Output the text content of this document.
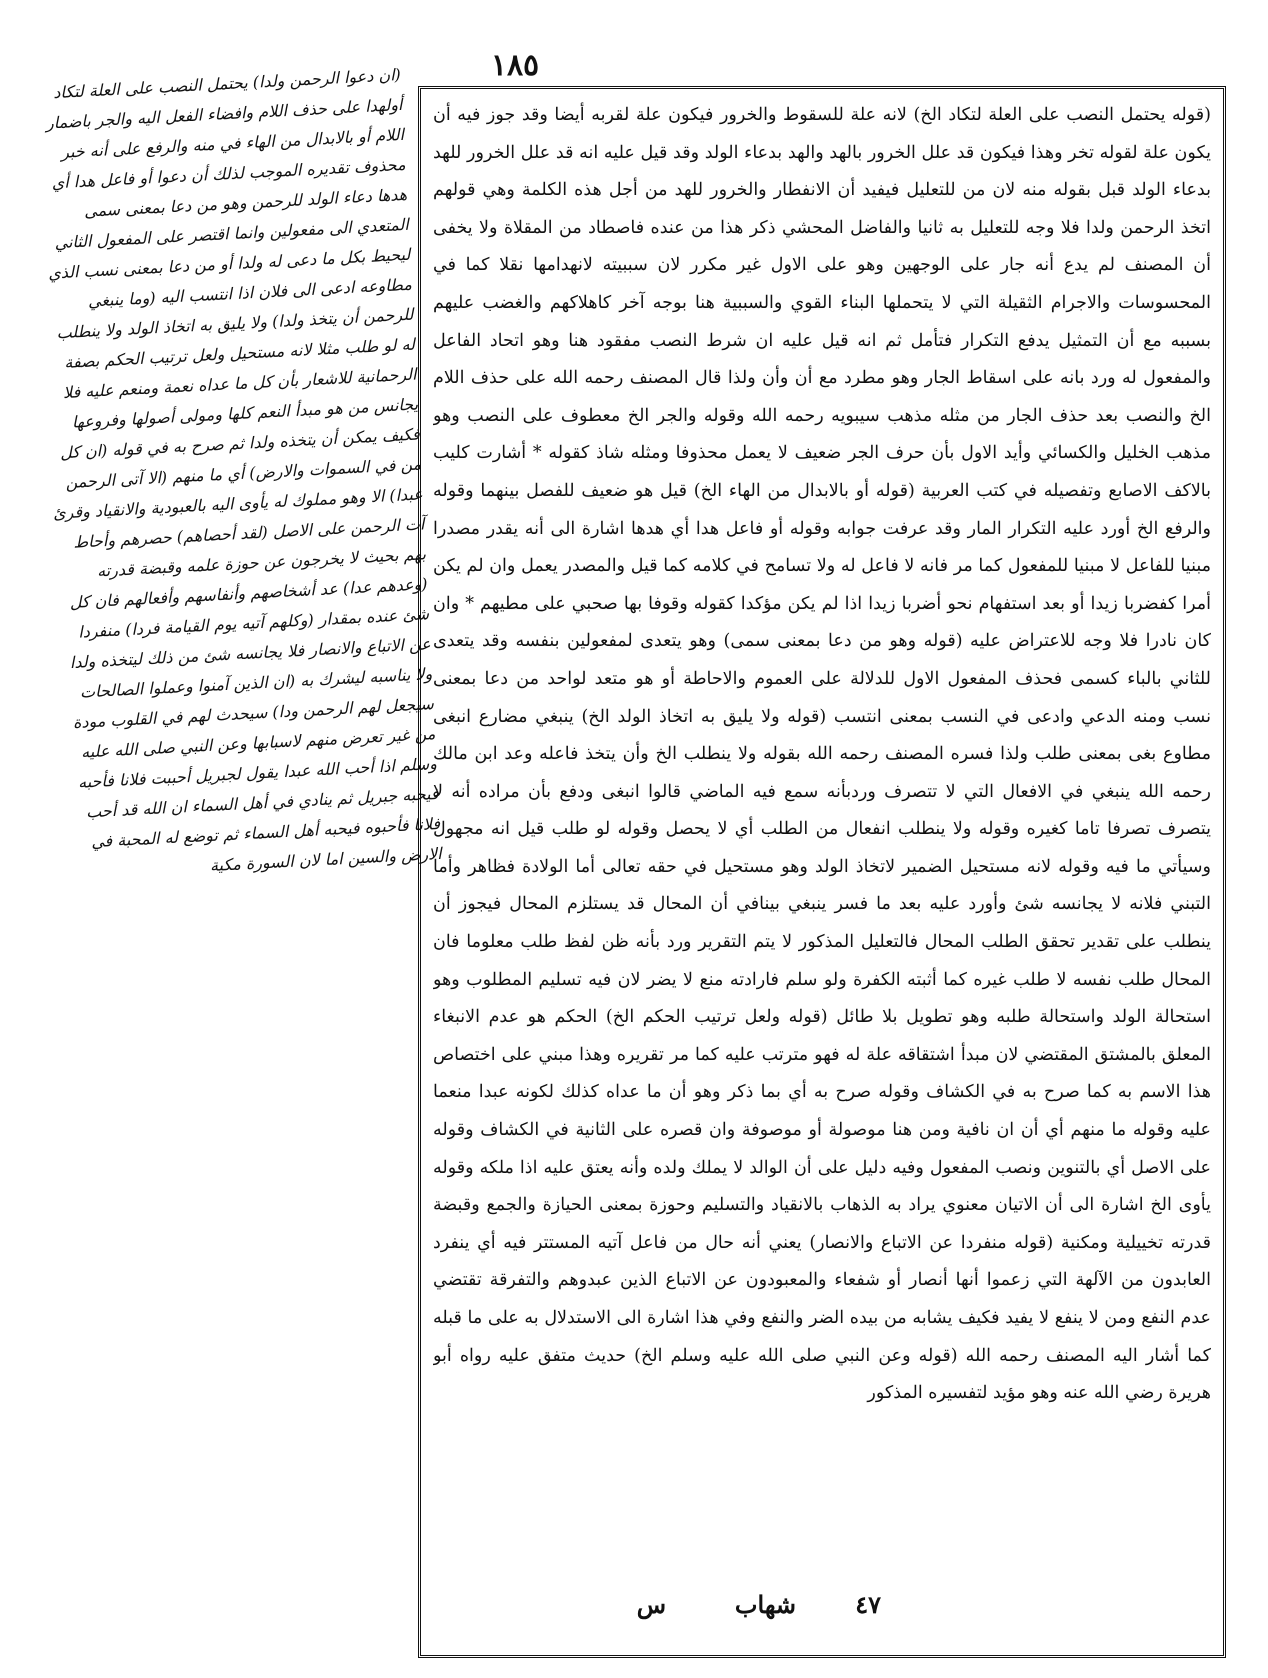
١٨٥

(ان دعوا الرحمن ولدا) يحتمل النصب على العلة لتكاد أولهدا على حذف اللام وافضاء الفعل اليه والجر باضمار اللام أو بالابدال من الهاء في منه والرفع على أنه خبر محذوف تقديره الموجب لذلك أن دعوا أو فاعل هدا أي هدها دعاء الولد للرحمن وهو من دعا بمعنى سمى المتعدي الى مفعولين وانما اقتصر على المفعول الثاني ليحيط بكل ما دعى له ولدا أو من دعا بمعنى نسب الذي مطاوعه ادعى الى فلان اذا انتسب اليه (وما ينبغي للرحمن أن يتخذ ولدا) ولا يليق به اتخاذ الولد ولا ينطلب له لو طلب مثلا لانه مستحيل ولعل ترتيب الحكم بصفة الرحمانية للاشعار بأن كل ما عداه نعمة ومنعم عليه فلا يجانس من هو مبدأ النعم كلها ومولى أصولها وفروعها فكيف يمكن أن يتخذه ولدا ثم صرح به في قوله (ان كل من في السموات والارض) أي ما منهم (الا آتى الرحمن عبدا) الا وهو مملوك له يأوى اليه بالعبودية والانقياد وقرئ آت الرحمن على الاصل (لقد أحصاهم) حصرهم وأحاط بهم بحيث لا يخرجون عن حوزة علمه وقبضة قدرته (وعدهم عدا) عد أشخاصهم وأنفاسهم وأفعالهم فان كل شئ عنده بمقدار (وكلهم آتيه يوم القيامة فردا) منفردا عن الاتباع والانصار فلا يجانسه شئ من ذلك ليتخذه ولدا ولا يناسبه ليشرك به (ان الذين آمنوا وعملوا الصالحات سيجعل لهم الرحمن ودا) سيحدث لهم في القلوب مودة من غير تعرض منهم لاسبابها وعن النبي صلى الله عليه وسلم اذا أحب الله عبدا يقول لجبريل أحببت فلانا فأحبه فيحبه جبريل ثم ينادي في أهل السماء ان الله قد أحب فلانا فأحبوه فيحبه أهل السماء ثم توضع له المحبة في الارض والسين اما لان السورة مكية

(قوله يحتمل النصب على العلة لتكاد الخ) لانه علة للسقوط والخرور فيكون علة لقربه أيضا وقد جوز فيه أن يكون علة لقوله تخر وهذا فيكون قد علل الخرور بالهد والهد بدعاء الولد وقد قيل عليه انه قد علل الخرور للهد بدعاء الولد قبل بقوله منه لان من للتعليل فيفيد أن الانفطار والخرور للهد من أجل هذه الكلمة وهي قولهم اتخذ الرحمن ولدا فلا وجه للتعليل به ثانيا والفاضل المحشي ذكر هذا من عنده فاصطاد من المقلاة ولا يخفى أن المصنف لم يدع أنه جار على الوجهين وهو على الاول غير مكرر لان سببيته لانهدامها نقلا كما في المحسوسات والاجرام الثقيلة التي لا يتحملها البناء القوي والسببية هنا بوجه آخر كاهلاكهم والغضب عليهم بسببه مع أن التمثيل يدفع التكرار فتأمل ثم انه قيل عليه ان شرط النصب مفقود هنا وهو اتحاد الفاعل والمفعول له ورد بانه على اسقاط الجار وهو مطرد مع أن وأن ولذا قال المصنف رحمه الله على حذف اللام الخ والنصب بعد حذف الجار من مثله مذهب سيبويه رحمه الله وقوله والجر الخ معطوف على النصب وهو مذهب الخليل والكسائي وأيد الاول بأن حرف الجر ضعيف لا يعمل محذوفا ومثله شاذ كقوله * أشارت كليب بالاكف الاصابع وتفصيله في كتب العربية (قوله أو بالابدال من الهاء الخ) قيل هو ضعيف للفصل بينهما وقوله والرفع الخ أورد عليه التكرار المار وقد عرفت جوابه وقوله أو فاعل هدا أي هدها اشارة الى أنه يقدر مصدرا مبنيا للفاعل لا مبنيا للمفعول كما مر فانه لا فاعل له ولا تسامح في كلامه كما قيل والمصدر يعمل وان لم يكن أمرا كفضربا زيدا أو بعد استفهام نحو أضربا زيدا اذا لم يكن مؤكدا كقوله وقوفا بها صحبي على مطيهم * وان كان نادرا فلا وجه للاعتراض عليه (قوله وهو من دعا بمعنى سمى) وهو يتعدى لمفعولين بنفسه وقد يتعدى للثاني بالباء كسمى فحذف المفعول الاول للدلالة على العموم والاحاطة أو هو متعد لواحد من دعا بمعنى نسب ومنه الدعي وادعى في النسب بمعنى انتسب (قوله ولا يليق به اتخاذ الولد الخ) ينبغي مضارع انبغى مطاوع بغى بمعنى طلب ولذا فسره المصنف رحمه الله بقوله ولا ينطلب الخ وأن يتخذ فاعله وعد ابن مالك رحمه الله ينبغي في الافعال التي لا تتصرف وردبأنه سمع فيه الماضي قالوا انبغى ودفع بأن مراده أنه لا يتصرف تصرفا تاما كغيره وقوله ولا ينطلب انفعال من الطلب أي لا يحصل وقوله لو طلب قيل انه مجهول وسيأتي ما فيه وقوله لانه مستحيل الضمير لاتخاذ الولد وهو مستحيل في حقه تعالى أما الولادة فظاهر وأما التبني فلانه لا يجانسه شئ وأورد عليه بعد ما فسر ينبغي بينافي أن المحال قد يستلزم المحال فيجوز أن ينطلب على تقدير تحقق الطلب المحال فالتعليل المذكور لا يتم التقرير ورد بأنه ظن لفظ طلب معلوما فان المحال طلب نفسه لا طلب غيره كما أثبته الكفرة ولو سلم فارادته منع لا يضر لان فيه تسليم المطلوب وهو استحالة الولد واستحالة طلبه وهو تطويل بلا طائل (قوله ولعل ترتيب الحكم الخ) الحكم هو عدم الانبغاء المعلق بالمشتق المقتضي لان مبدأ اشتقاقه علة له فهو مترتب عليه كما مر تقريره وهذا مبني على اختصاص هذا الاسم به كما صرح به في الكشاف وقوله صرح به أي بما ذكر وهو أن ما عداه كذلك لكونه عبدا منعما عليه وقوله ما منهم أي أن ان نافية ومن هنا موصولة أو موصوفة وان قصره على الثانية في الكشاف وقوله على الاصل أي بالتنوين ونصب المفعول وفيه دليل على أن الوالد لا يملك ولده وأنه يعتق عليه اذا ملكه وقوله يأوى الخ اشارة الى أن الاتيان معنوي يراد به الذهاب بالانقياد والتسليم وحوزة بمعنى الحيازة والجمع وقبضة قدرته تخييلية ومكنية (قوله منفردا عن الاتباع والانصار) يعني أنه حال من فاعل آتيه المستتر فيه أي ينفرد العابدون من الآلهة التي زعموا أنها أنصار أو شفعاء والمعبودون عن الاتباع الذين عبدوهم والتفرقة تقتضي عدم النفع ومن لا ينفع لا يفيد فكيف يشابه من بيده الضر والنفع وفي هذا اشارة الى الاستدلال به على ما قبله كما أشار اليه المصنف رحمه الله (قوله وعن النبي صلى الله عليه وسلم الخ) حديث متفق عليه رواه أبو هريرة رضي الله عنه وهو مؤيد لتفسيره المذكور

٤٧
شهاب
س
